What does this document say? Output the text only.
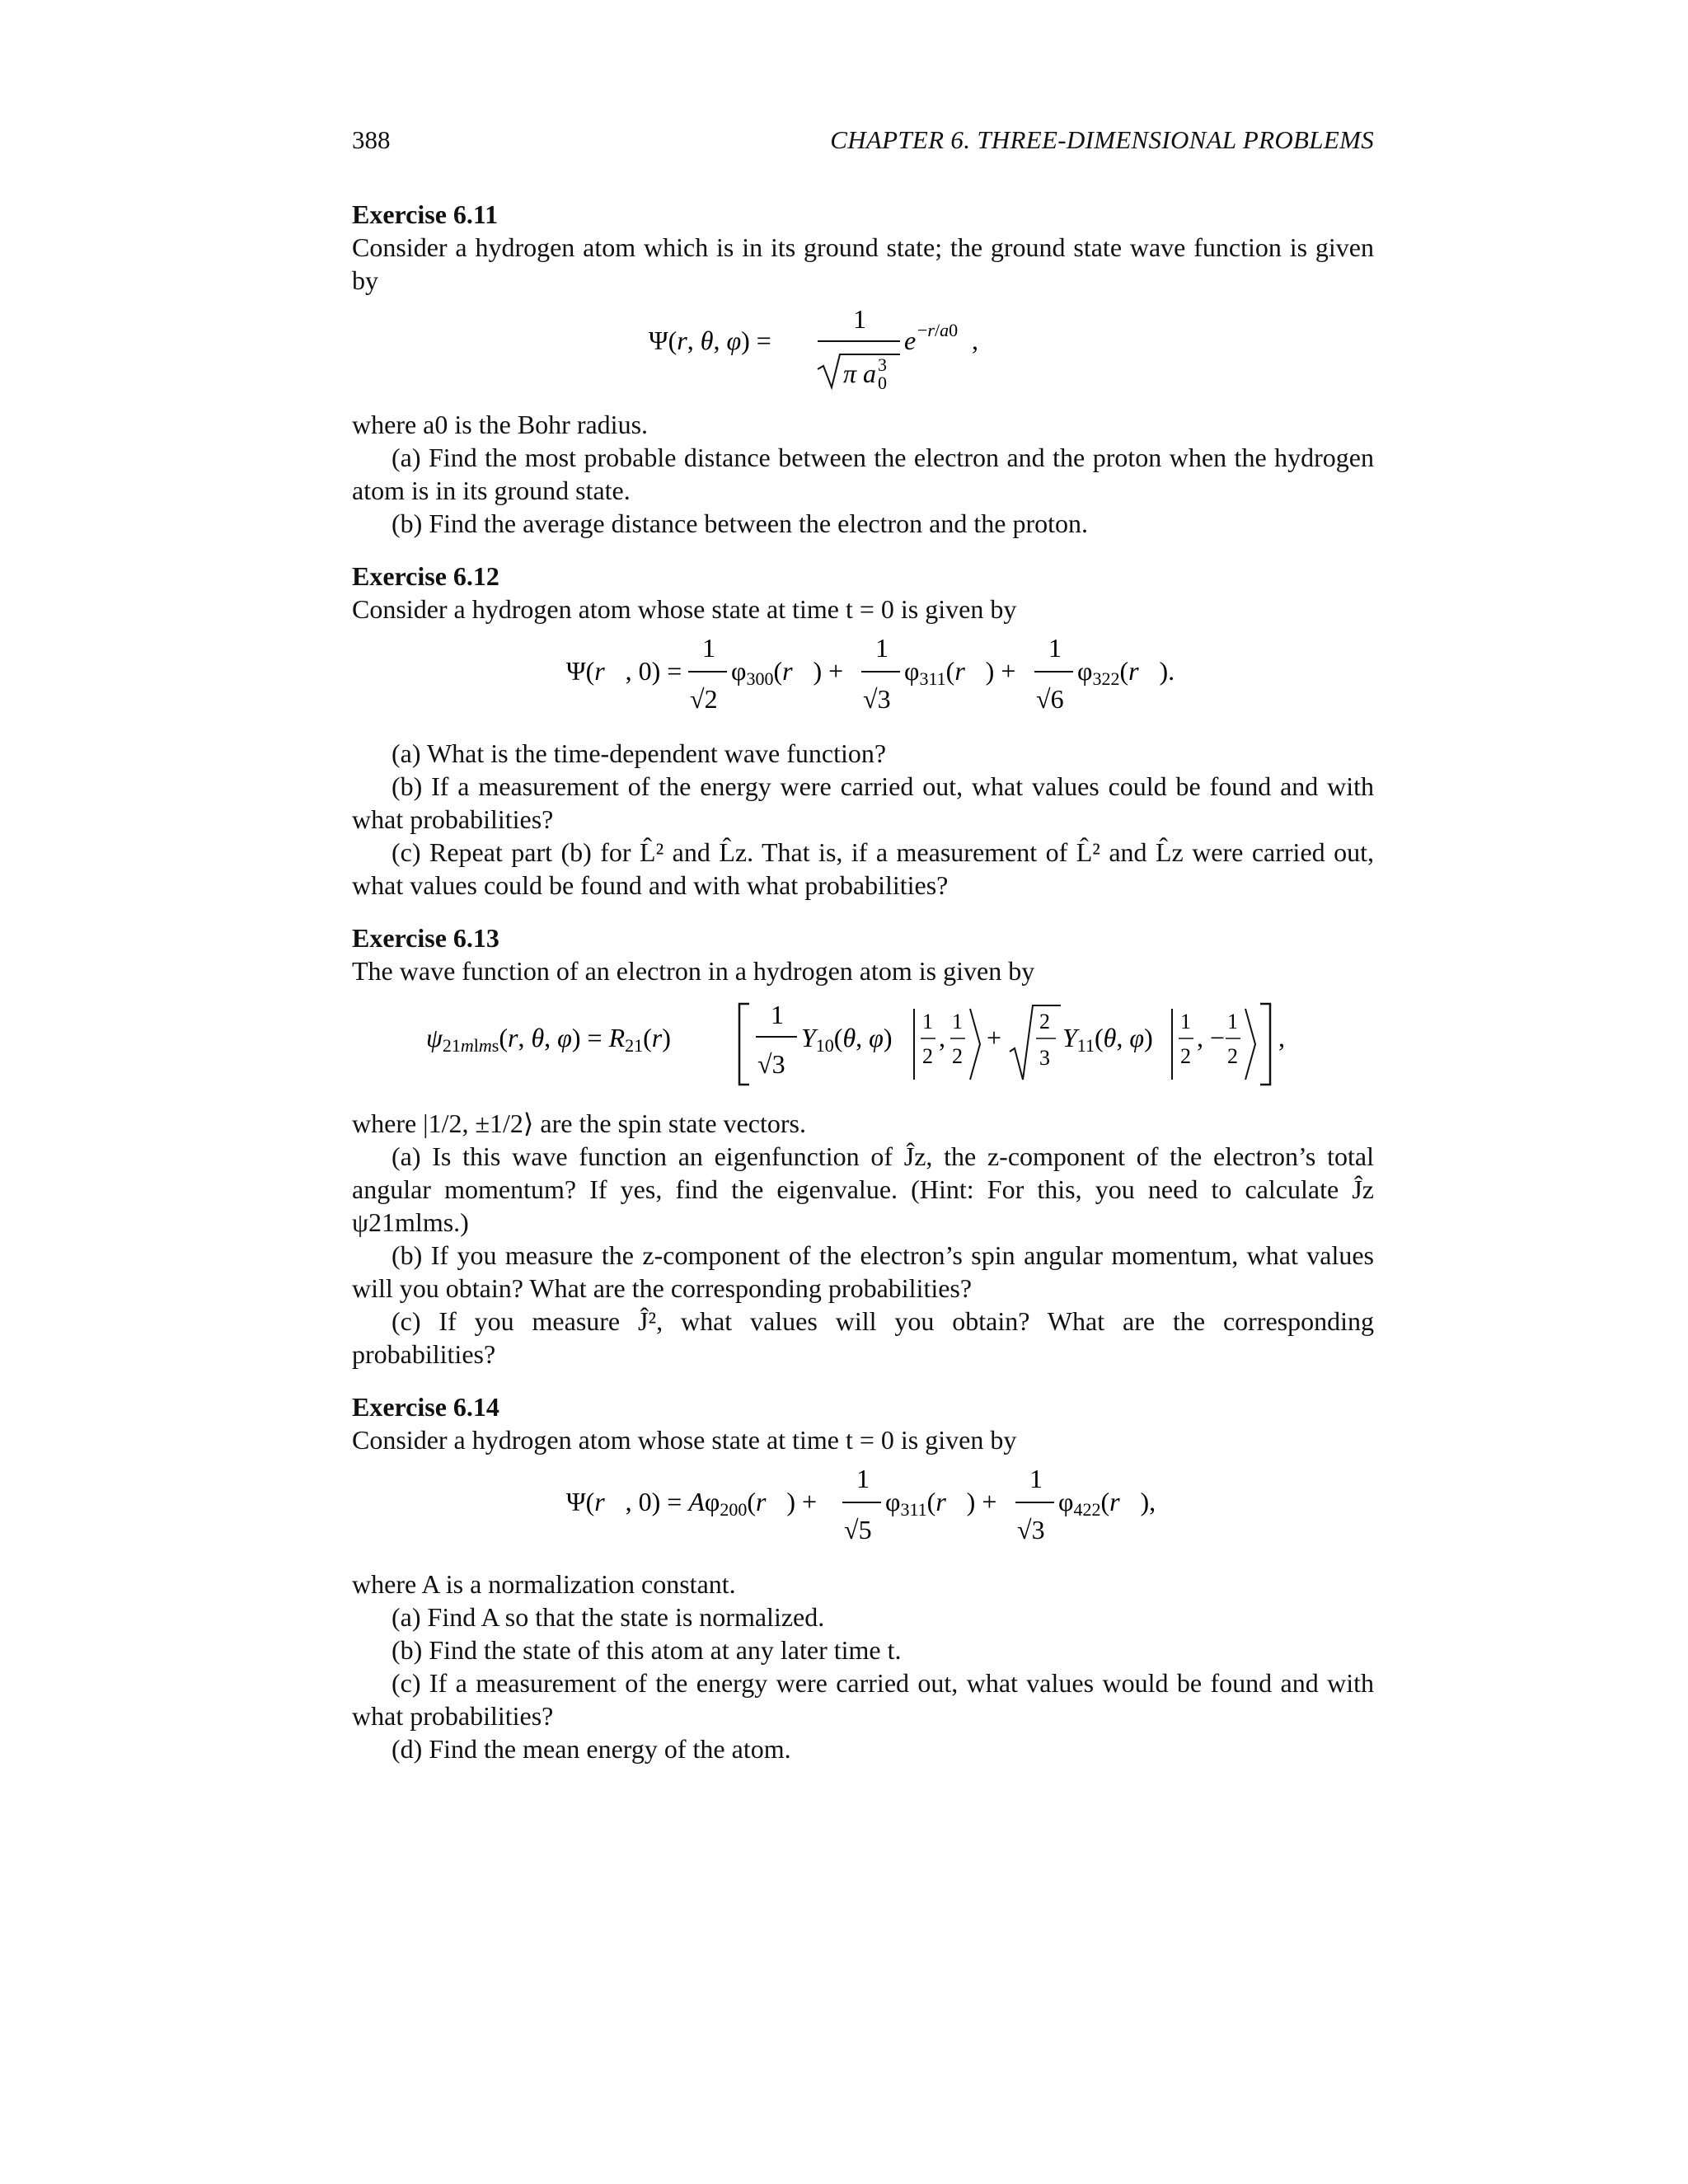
388	CHAPTER 6. THREE-DIMENSIONAL PROBLEMS

Exercise 6.11

Consider a hydrogen atom which is in its ground state; the ground state wave function is given by

Ψ(r, θ, φ) =
1
π a 0
3
e −r/a0 ,

where a0 is the Bohr radius.

(a) Find the most probable distance between the electron and the proton when the hydrogen atom is in its ground state.

(b) Find the average distance between the electron and the proton.

Exercise 6.12

Consider a hydrogen atom whose state at time t = 0 is given by

Ψ(r⃗, 0) =
1
√2
φ300(r⃗) +
1
√3
φ311(r⃗) +
1
√6
φ322(r⃗).

(a) What is the time-dependent wave function?

(b) If a measurement of the energy were carried out, what values could be found and with what probabilities?

(c) Repeat part (b) for L̂² and L̂z. That is, if a measurement of L̂² and L̂z were carried out, what values could be found and with what probabilities?

Exercise 6.13

The wave function of an electron in a hydrogen atom is given by

ψ21mlms(r, θ, φ) = R21(r)
1
√3
Y10(θ, φ)
1
2
,
1
2
+
2
3
Y11(θ, φ)
1
2
, −
1
2
,

where |1/2, ±1/2⟩ are the spin state vectors.

(a) Is this wave function an eigenfunction of Ĵz, the z-component of the electron’s total angular momentum? If yes, find the eigenvalue. (Hint: For this, you need to calculate Ĵz ψ21mlms.)

(b) If you measure the z-component of the electron’s spin angular momentum, what values will you obtain? What are the corresponding probabilities?

(c) If you measure Ĵ², what values will you obtain? What are the corresponding probabilities?

Exercise 6.14

Consider a hydrogen atom whose state at time t = 0 is given by

Ψ(r⃗, 0) = Aφ200(r⃗) +
1
√5
φ311(r⃗) +
1
√3
φ422(r⃗),

where A is a normalization constant.

(a) Find A so that the state is normalized.

(b) Find the state of this atom at any later time t.

(c) If a measurement of the energy were carried out, what values would be found and with what probabilities?

(d) Find the mean energy of the atom.
